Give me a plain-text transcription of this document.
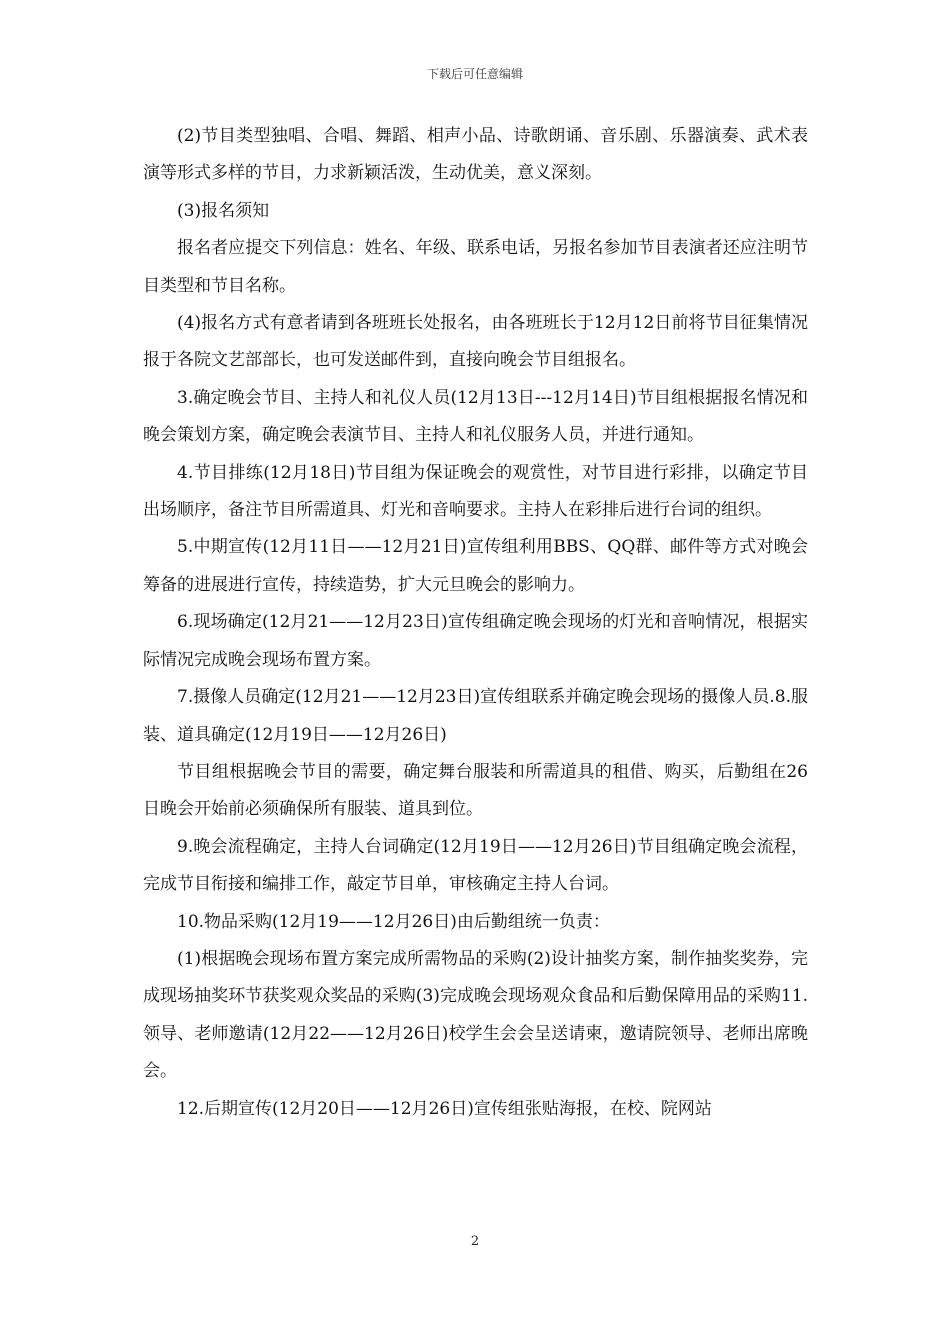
下载后可任意编辑

(2)节目类型独唱、合唱、舞蹈、相声小品、诗歌朗诵、音乐剧、乐器演奏、武术表演等形式多样的节目，力求新颖活泼，生动优美，意义深刻。

(3)报名须知

报名者应提交下列信息：姓名、年级、联系电话，另报名参加节目表演者还应注明节目类型和节目名称。

(4)报名方式有意者请到各班班长处报名，由各班班长于12月12日前将节目征集情况报于各院文艺部部长，也可发送邮件到，直接向晚会节目组报名。

3.确定晚会节目、主持人和礼仪人员(12月13日---12月14日)节目组根据报名情况和晚会策划方案，确定晚会表演节目、主持人和礼仪服务人员，并进行通知。

4.节目排练(12月18日)节目组为保证晚会的观赏性，对节目进行彩排，以确定节目出场顺序，备注节目所需道具、灯光和音响要求。主持人在彩排后进行台词的组织。

5.中期宣传(12月11日——12月21日)宣传组利用BBS、QQ群、邮件等方式对晚会筹备的进展进行宣传，持续造势，扩大元旦晚会的影响力。

6.现场确定(12月21——12月23日)宣传组确定晚会现场的灯光和音响情况，根据实际情况完成晚会现场布置方案。

7.摄像人员确定(12月21——12月23日)宣传组联系并确定晚会现场的摄像人员.8.服装、道具确定(12月19日——12月26日)

节目组根据晚会节目的需要，确定舞台服装和所需道具的租借、购买，后勤组在26日晚会开始前必须确保所有服装、道具到位。

9.晚会流程确定，主持人台词确定(12月19日——12月26日)节目组确定晚会流程，完成节目衔接和编排工作，敲定节目单，审核确定主持人台词。

10.物品采购(12月19——12月26日)由后勤组统一负责：

(1)根据晚会现场布置方案完成所需物品的采购(2)设计抽奖方案，制作抽奖奖券，完成现场抽奖环节获奖观众奖品的采购(3)完成晚会现场观众食品和后勤保障用品的采购11.领导、老师邀请(12月22——12月26日)校学生会会呈送请柬，邀请院领导、老师出席晚会。

12.后期宣传(12月20日——12月26日)宣传组张贴海报，在校、院网站

2
